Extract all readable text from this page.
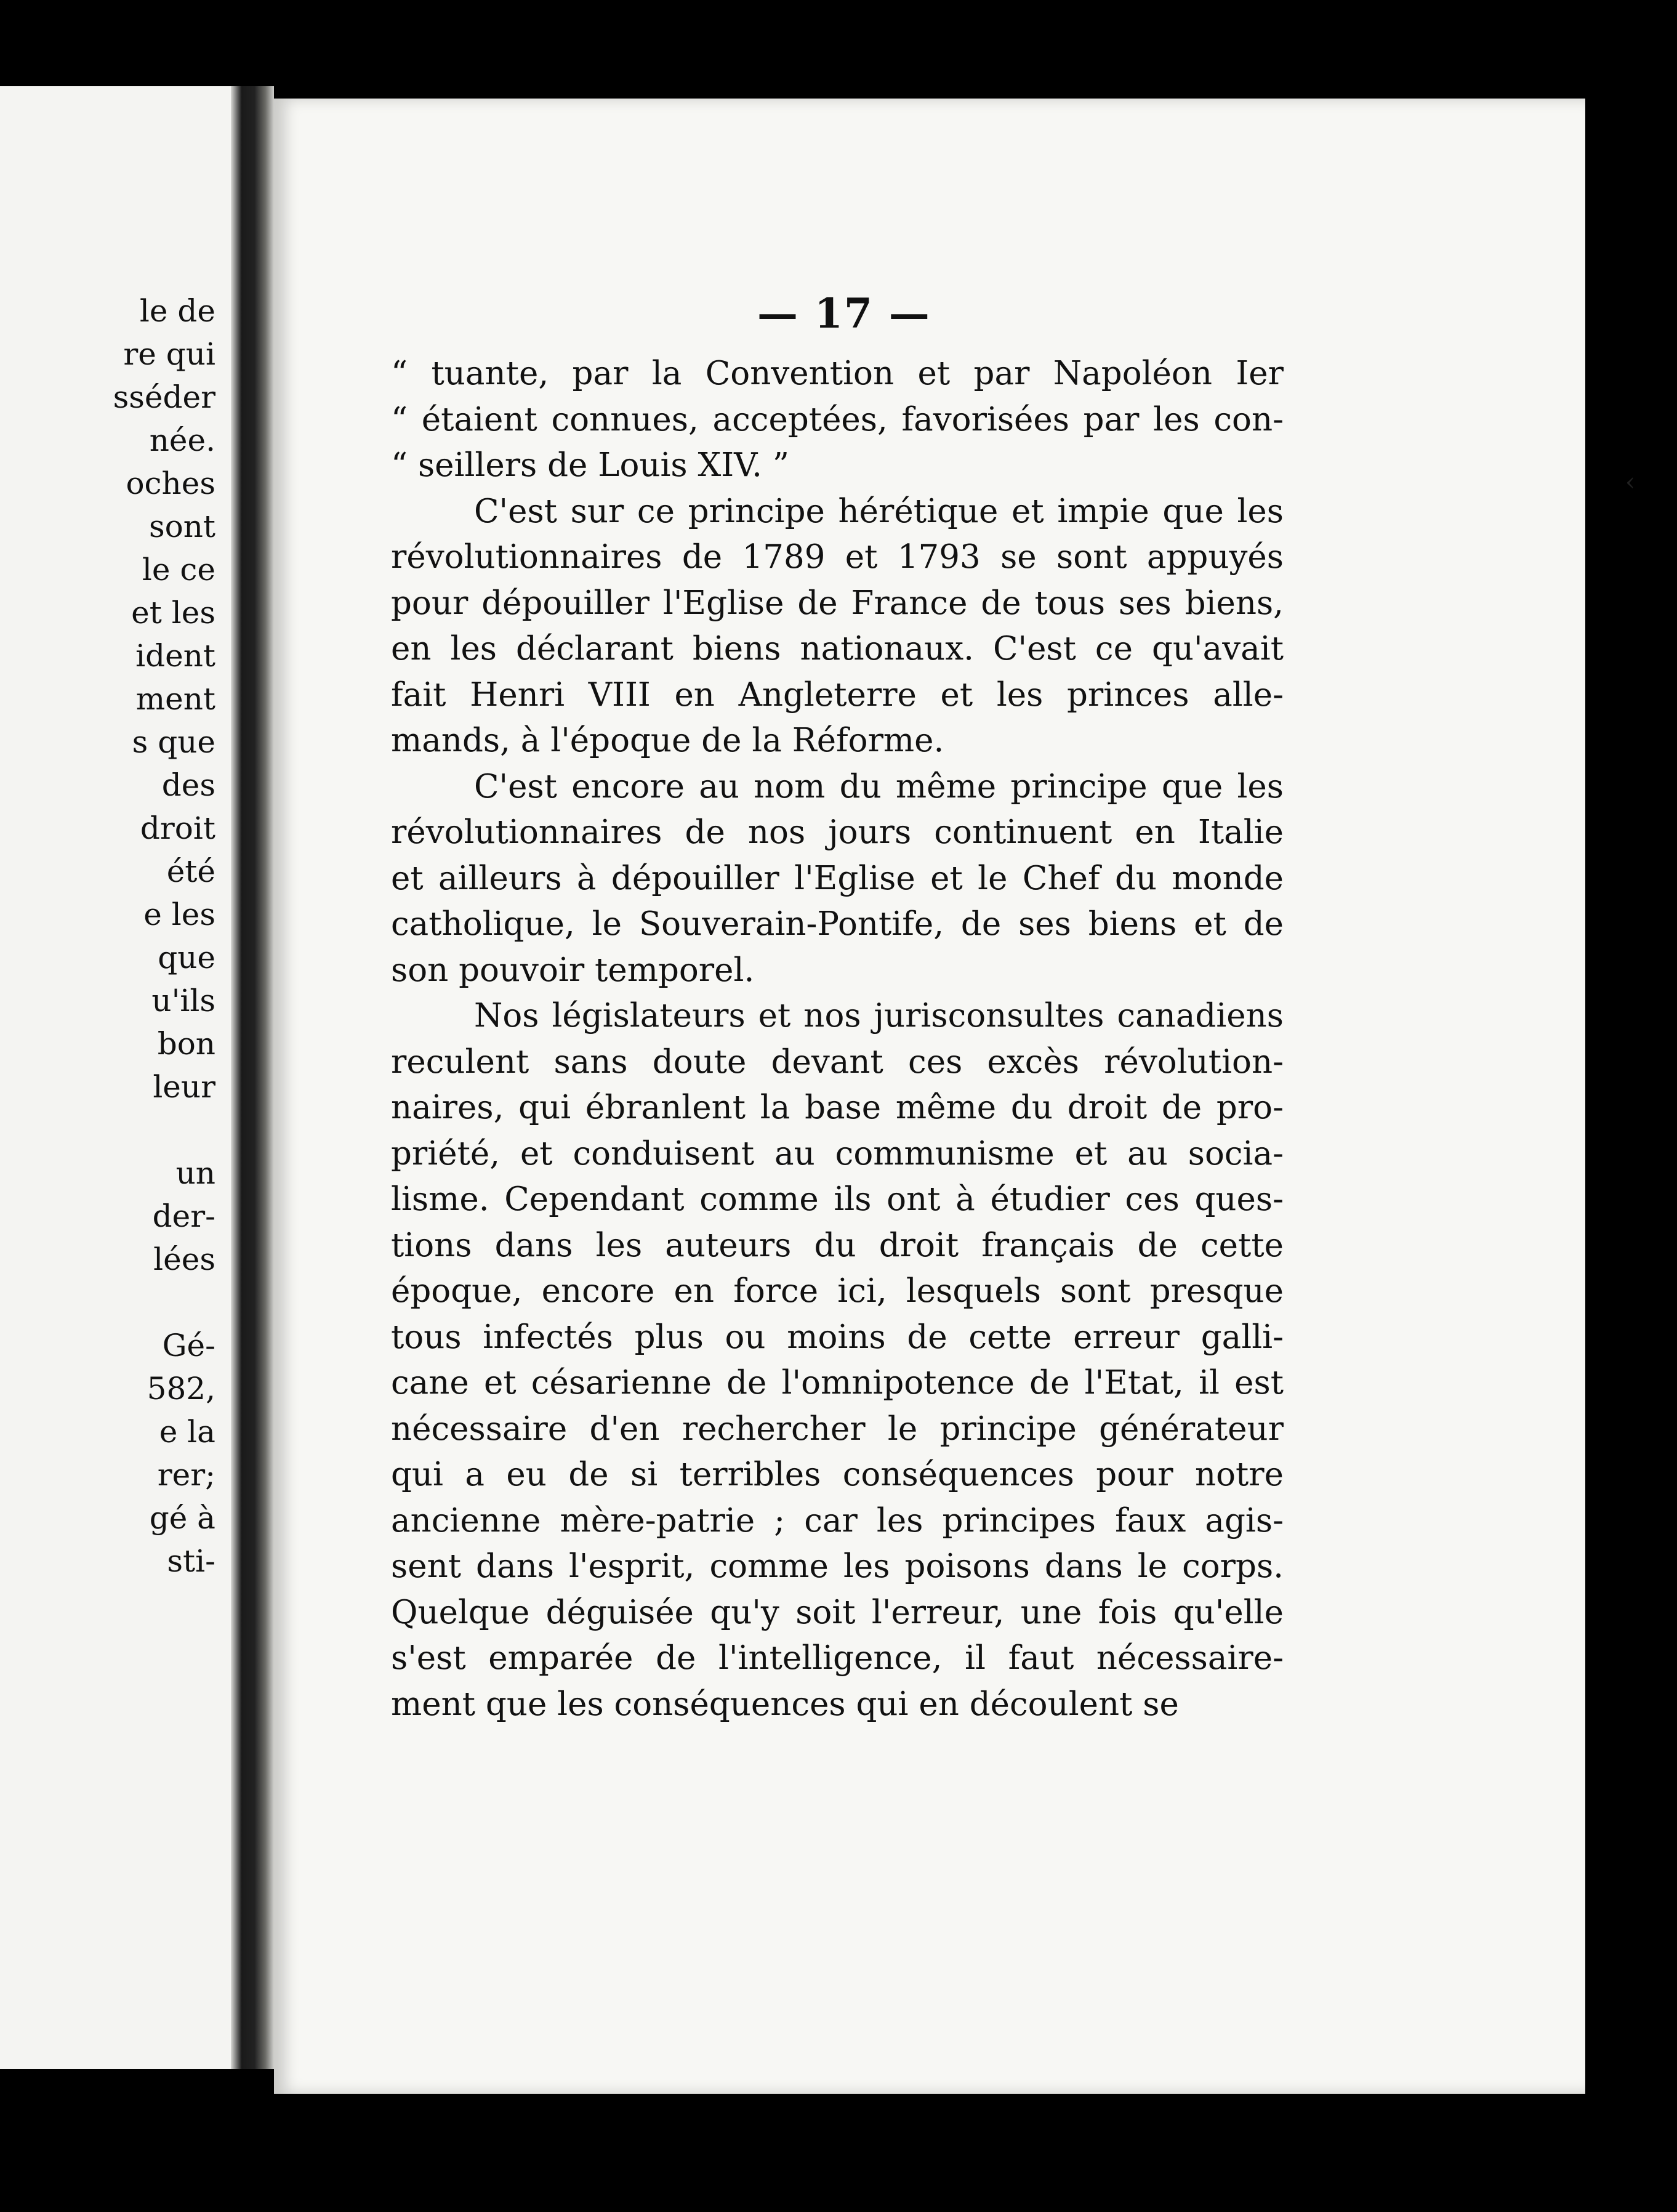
le de
re qui
sséder
née.
oches
sont
le ce
et les
ident
ment
s que
des
droit
été
e les
que
u'ils
bon
leur
un
der-
lées
Gé-
582,
e la
rer;
gé à
sti-
— 17 —
“ tuante, par la Convention et par Napoléon Ier
“ étaient connues, acceptées, favorisées par les con-
“ seillers de Louis XIV. ”
C'est sur ce principe hérétique et impie que les
révolutionnaires de 1789 et 1793 se sont appuyés
pour dépouiller l'Eglise de France de tous ses biens,
en les déclarant biens nationaux. C'est ce qu'avait
fait Henri VIII en Angleterre et les princes alle-
mands, à l'époque de la Réforme.
C'est encore au nom du même principe que les
révolutionnaires de nos jours continuent en Italie
et ailleurs à dépouiller l'Eglise et le Chef du monde
catholique, le Souverain-Pontife, de ses biens et de
son pouvoir temporel.
Nos législateurs et nos jurisconsultes canadiens
reculent sans doute devant ces excès révolution-
naires, qui ébranlent la base même du droit de pro-
priété, et conduisent au communisme et au socia-
lisme. Cependant comme ils ont à étudier ces ques-
tions dans les auteurs du droit français de cette
époque, encore en force ici, lesquels sont presque
tous infectés plus ou moins de cette erreur galli-
cane et césarienne de l'omnipotence de l'Etat, il est
nécessaire d'en rechercher le principe générateur
qui a eu de si terribles conséquences pour notre
ancienne mère-patrie ; car les principes faux agis-
sent dans l'esprit, comme les poisons dans le corps.
Quelque déguisée qu'y soit l'erreur, une fois qu'elle
s'est emparée de l'intelligence, il faut nécessaire-
ment que les conséquences qui en découlent se
‹
